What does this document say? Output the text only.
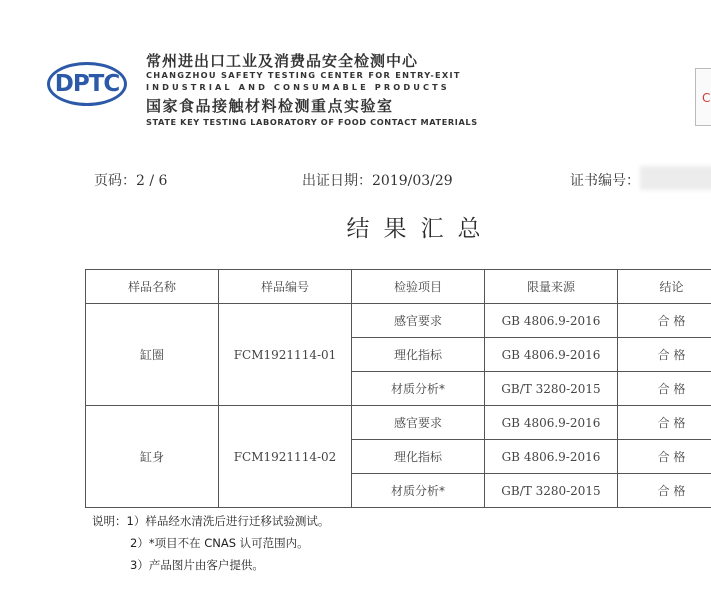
DPTC
常州进出口工业及消费品安全检测中心
CHANGZHOU SAFETY TESTING CENTER FOR ENTRY-EXIT
INDUSTRIAL AND CONSUMABLE PRODUCTS
国家食品接触材料检测重点实验室
STATE KEY TESTING LABORATORY OF FOOD CONTACT MATERIALS
C
页码：2 / 6	出证日期：2019/03/29	证书编号：
结果汇总
样品名称	样品编号	检验项目	限量来源	结论
缸圈	FCM1921114-01	感官要求	GB 4806.9-2016	合 格
		理化指标	GB 4806.9-2016	合 格
		材质分析*	GB/T 3280-2015	合 格
缸身	FCM1921114-02	感官要求	GB 4806.9-2016	合 格
		理化指标	GB 4806.9-2016	合 格
		材质分析*	GB/T 3280-2015	合 格
说明：1）样品经水清洗后进行迁移试验测试。
2）*项目不在 CNAS 认可范围内。
3）产品图片由客户提供。
